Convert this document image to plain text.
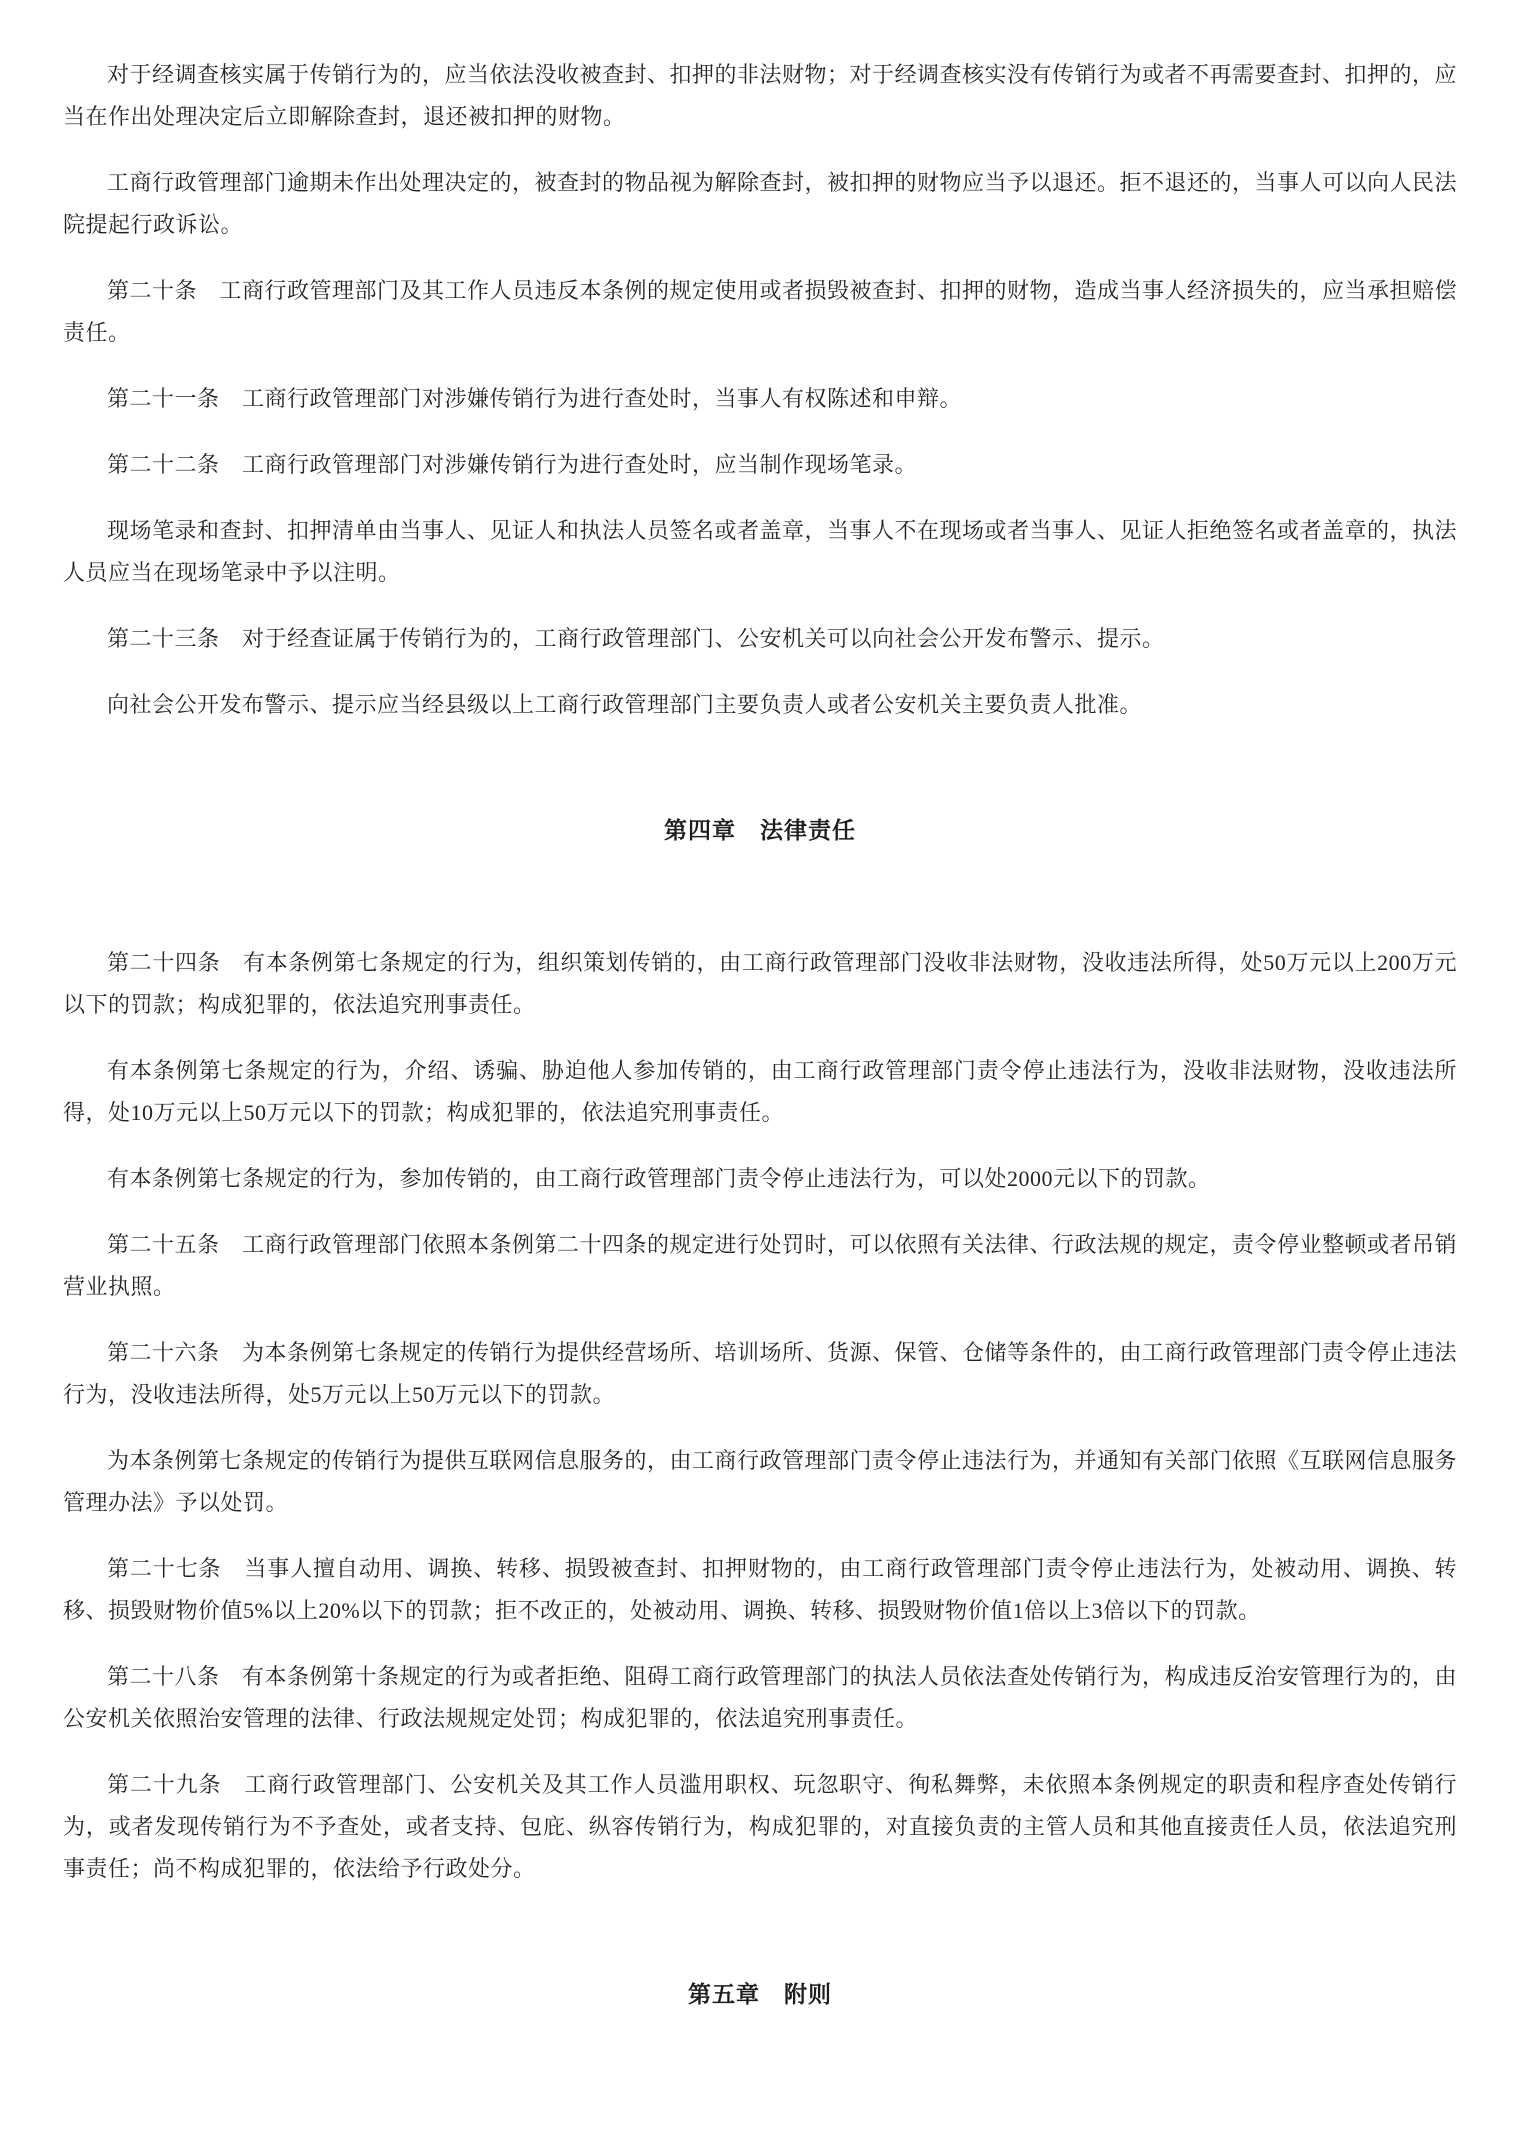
对于经调查核实属于传销行为的，应当依法没收被查封、扣押的非法财物；对于经调查核实没有传销行为或者不再需要查封、扣押的，应当在作出处理决定后立即解除查封，退还被扣押的财物。

工商行政管理部门逾期未作出处理决定的，被查封的物品视为解除查封，被扣押的财物应当予以退还。拒不退还的，当事人可以向人民法院提起行政诉讼。

第二十条　工商行政管理部门及其工作人员违反本条例的规定使用或者损毁被查封、扣押的财物，造成当事人经济损失的，应当承担赔偿责任。

第二十一条　工商行政管理部门对涉嫌传销行为进行查处时，当事人有权陈述和申辩。

第二十二条　工商行政管理部门对涉嫌传销行为进行查处时，应当制作现场笔录。

现场笔录和查封、扣押清单由当事人、见证人和执法人员签名或者盖章，当事人不在现场或者当事人、见证人拒绝签名或者盖章的，执法人员应当在现场笔录中予以注明。

第二十三条　对于经查证属于传销行为的，工商行政管理部门、公安机关可以向社会公开发布警示、提示。

向社会公开发布警示、提示应当经县级以上工商行政管理部门主要负责人或者公安机关主要负责人批准。

第四章　法律责任

第二十四条　有本条例第七条规定的行为，组织策划传销的，由工商行政管理部门没收非法财物，没收违法所得，处50万元以上200万元以下的罚款；构成犯罪的，依法追究刑事责任。

有本条例第七条规定的行为，介绍、诱骗、胁迫他人参加传销的，由工商行政管理部门责令停止违法行为，没收非法财物，没收违法所得，处10万元以上50万元以下的罚款；构成犯罪的，依法追究刑事责任。

有本条例第七条规定的行为，参加传销的，由工商行政管理部门责令停止违法行为，可以处2000元以下的罚款。

第二十五条　工商行政管理部门依照本条例第二十四条的规定进行处罚时，可以依照有关法律、行政法规的规定，责令停业整顿或者吊销营业执照。

第二十六条　为本条例第七条规定的传销行为提供经营场所、培训场所、货源、保管、仓储等条件的，由工商行政管理部门责令停止违法行为，没收违法所得，处5万元以上50万元以下的罚款。

为本条例第七条规定的传销行为提供互联网信息服务的，由工商行政管理部门责令停止违法行为，并通知有关部门依照《互联网信息服务管理办法》予以处罚。

第二十七条　当事人擅自动用、调换、转移、损毁被查封、扣押财物的，由工商行政管理部门责令停止违法行为，处被动用、调换、转移、损毁财物价值5%以上20%以下的罚款；拒不改正的，处被动用、调换、转移、损毁财物价值1倍以上3倍以下的罚款。

第二十八条　有本条例第十条规定的行为或者拒绝、阻碍工商行政管理部门的执法人员依法查处传销行为，构成违反治安管理行为的，由公安机关依照治安管理的法律、行政法规规定处罚；构成犯罪的，依法追究刑事责任。

第二十九条　工商行政管理部门、公安机关及其工作人员滥用职权、玩忽职守、徇私舞弊，未依照本条例规定的职责和程序查处传销行为，或者发现传销行为不予查处，或者支持、包庇、纵容传销行为，构成犯罪的，对直接负责的主管人员和其他直接责任人员，依法追究刑事责任；尚不构成犯罪的，依法给予行政处分。

第五章　附则
